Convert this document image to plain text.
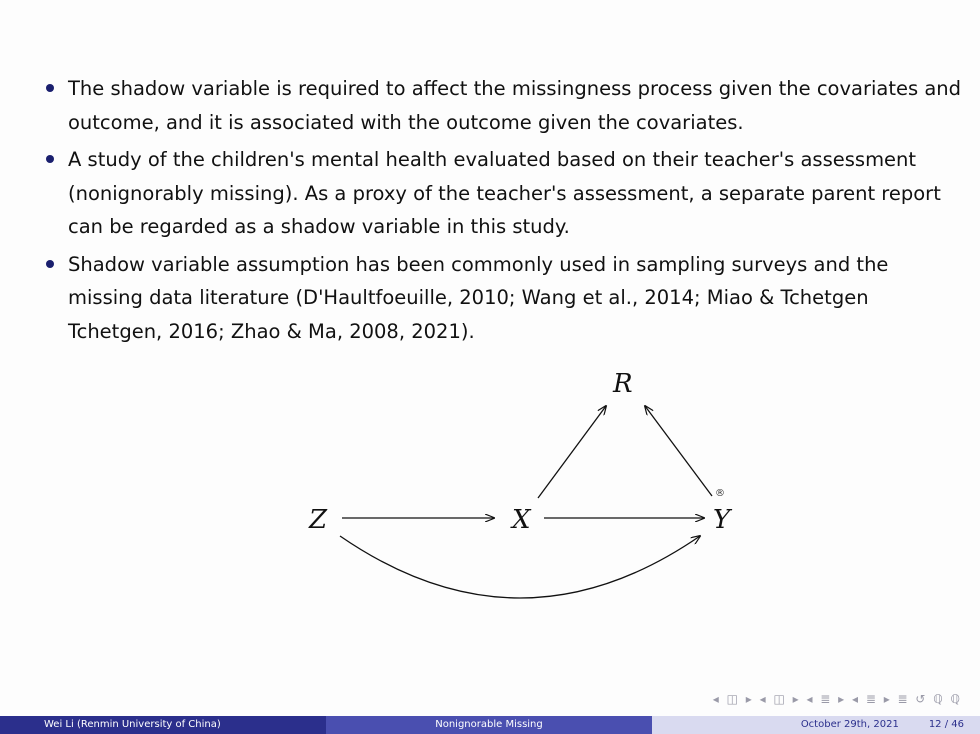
The shadow variable is required to affect the missingness process given the covariates and outcome, and it is associated with the outcome given the covariates.
A study of the children's mental health evaluated based on their teacher's assessment (nonignorably missing). As a proxy of the teacher's assessment, a separate parent report can be regarded as a shadow variable in this study.
Shadow variable assumption has been commonly used in sampling surveys and the missing data literature (D'Haultfoeuille, 2010; Wang et al., 2014; Miao & Tchetgen Tchetgen, 2016; Zhao & Ma, 2008, 2021).
R
Z	X	Y
®
◂ ◫ ▸ ◂ ◫ ▸ ◂ ≣ ▸ ◂ ≣ ▸ ≣ ↺ ℚ ℚ
Wei Li (Renmin University of China)	Nonignorable Missing	October 29th, 2021	12 / 46
